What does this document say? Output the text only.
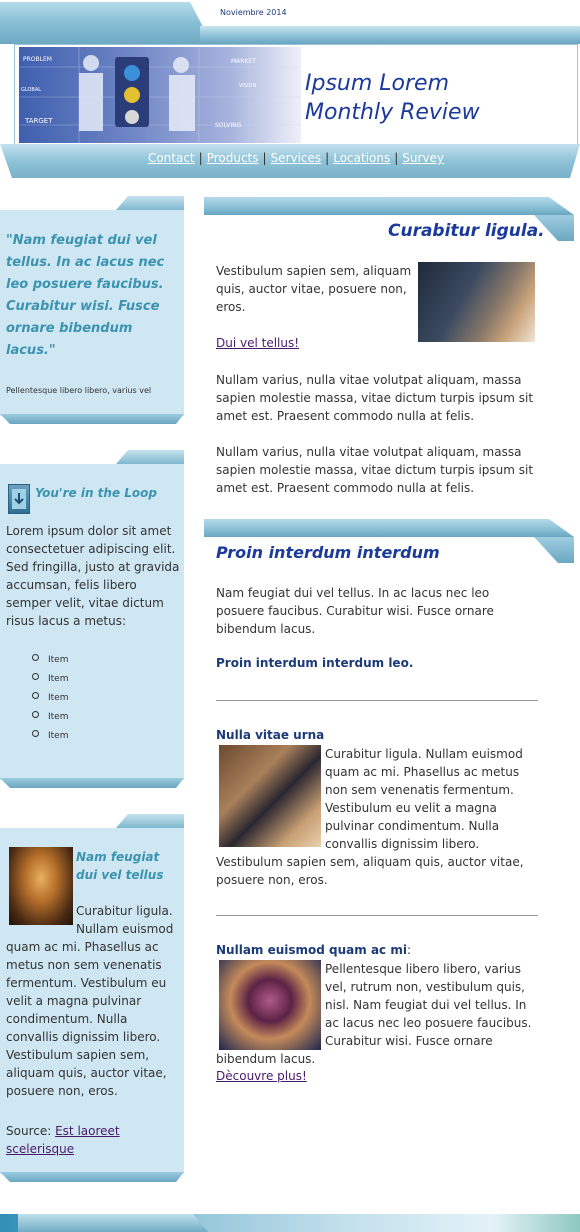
Noviembre 2014
PROBLEM
GLOBAL
TARGET
MARKET
VISION
SOLVING
Ipsum Lorem
Monthly Review
Contact | Products | Services | Locations | Survey
"Nam feugiat dui vel tellus. In ac lacus nec leo posuere faucibus. Curabitur wisi. Fusce ornare bibendum lacus."
Pellentesque libero libero, varius vel
You're in the Loop
Lorem ipsum dolor sit amet consectetuer adipiscing elit. Sed fringilla, justo at gravida accumsan, felis libero semper velit, vitae dictum risus lacus a metus:
Item
Item
Item
Item
Item
Nam feugiat dui vel tellus
Curabitur ligula. Nullam euismod
quam ac mi. Phasellus ac metus non sem venenatis fermentum. Vestibulum eu velit a magna pulvinar condimentum. Nulla convallis dignissim libero. Vestibulum sapien sem, aliquam quis, auctor vitae, posuere non, eros.
Source: Est laoreet scelerisque
Curabitur ligula.
Vestibulum sapien sem, aliquam quis, auctor vitae, posuere non, eros.
Dui vel tellus!
Nullam varius, nulla vitae volutpat aliquam, massa sapien molestie massa, vitae dictum turpis ipsum sit amet est. Praesent commodo nulla at felis.
Nullam varius, nulla vitae volutpat aliquam, massa sapien molestie massa, vitae dictum turpis ipsum sit amet est. Praesent commodo nulla at felis.
Proin interdum interdum
Nam feugiat dui vel tellus. In ac lacus nec leo posuere faucibus. Curabitur wisi. Fusce ornare bibendum lacus.
Proin interdum interdum leo.
Nulla vitae urna
Curabitur ligula. Nullam euismod quam ac mi. Phasellus ac metus non sem venenatis fermentum. Vestibulum eu velit a magna pulvinar condimentum. Nulla convallis dignissim libero. Vestibulum sapien sem, aliquam quis, auctor vitae, posuere non, eros.
Nullam euismod quam ac mi:
Pellentesque libero libero, varius vel, rutrum non, vestibulum quis, nisl. Nam feugiat dui vel tellus. In ac lacus nec leo posuere faucibus. Curabitur wisi. Fusce ornare bibendum lacus.
Dècouvre plus!
